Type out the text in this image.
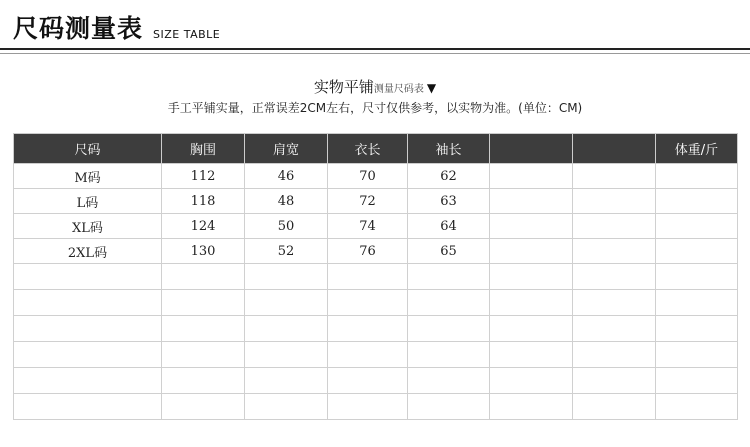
尺码测量表 SIZE TABLE
实物平铺测量尺码表 ▼
手工平铺实量，正常误差2CM左右，尺寸仅供参考，以实物为准。(单位：CM)
尺码	胸围	肩宽	衣长	袖长			体重/斤
M码	112	46	70	62			
L码	118	48	72	63			
XL码	124	50	74	64			
2XL码	130	52	76	65			
